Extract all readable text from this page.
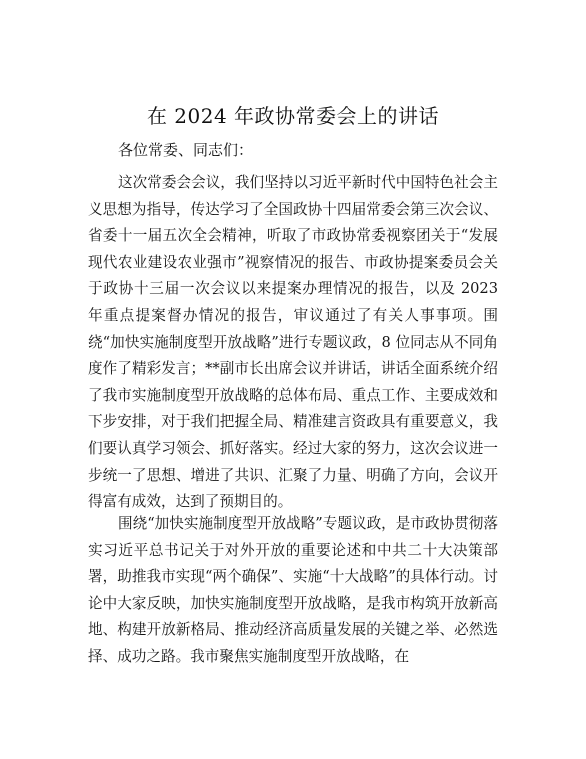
在 2024 年政协常委会上的讲话
各位常委、同志们：

这次常委会会议，我们坚持以习近平新时代中国特色社会主义思想为指导，传达学习了全国政协十四届常委会第三次会议、省委十一届五次全会精神，听取了市政协常委视察团关于“发展现代农业建设农业强市”视察情况的报告、市政协提案委员会关于政协十三届一次会议以来提案办理情况的报告，以及 2023 年重点提案督办情况的报告，审议通过了有关人事事项。围绕“加快实施制度型开放战略”进行专题议政，8 位同志从不同角度作了精彩发言；**副市长出席会议并讲话，讲话全面系统介绍了我市实施制度型开放战略的总体布局、重点工作、主要成效和下步安排，对于我们把握全局、精准建言资政具有重要意义，我们要认真学习领会、抓好落实。经过大家的努力，这次会议进一步统一了思想、增进了共识、汇聚了力量、明确了方向，会议开得富有成效，达到了预期目的。

围绕“加快实施制度型开放战略”专题议政，是市政协贯彻落实习近平总书记关于对外开放的重要论述和中共二十大决策部署，助推我市实现“两个确保”、实施“十大战略”的具体行动。讨论中大家反映，加快实施制度型开放战略，是我市构筑开放新高地、构建开放新格局、推动经济高质量发展的关键之举、必然选择、成功之路。我市聚焦实施制度型开放战略，在
